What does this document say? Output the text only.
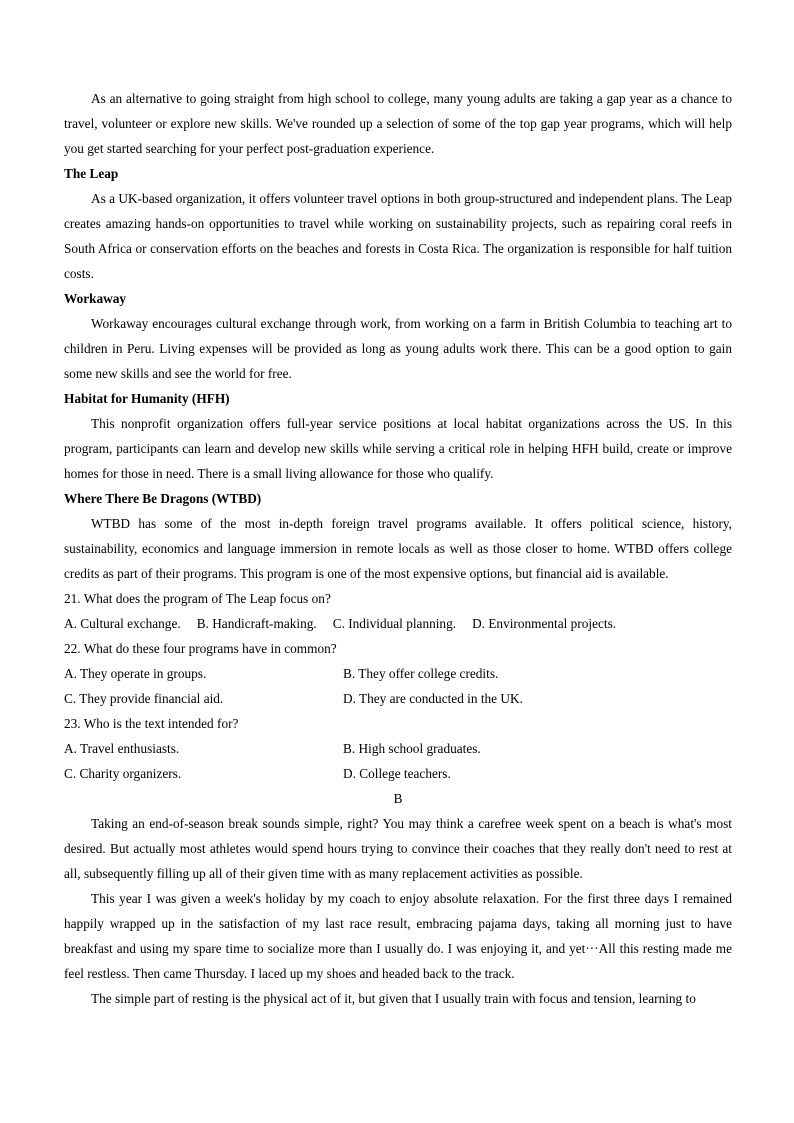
As an alternative to going straight from high school to college, many young adults are taking a gap year as a chance to travel, volunteer or explore new skills. We've rounded up a selection of some of the top gap year programs, which will help you get started searching for your perfect post-graduation experience.

The Leap

As a UK-based organization, it offers volunteer travel options in both group-structured and independent plans. The Leap creates amazing hands-on opportunities to travel while working on sustainability projects, such as repairing coral reefs in South Africa or conservation efforts on the beaches and forests in Costa Rica. The organization is responsible for half tuition costs.

Workaway

Workaway encourages cultural exchange through work, from working on a farm in British Columbia to teaching art to children in Peru. Living expenses will be provided as long as young adults work there. This can be a good option to gain some new skills and see the world for free.

Habitat for Humanity (HFH)

This nonprofit organization offers full-year service positions at local habitat organizations across the US. In this program, participants can learn and develop new skills while serving a critical role in helping HFH build, create or improve homes for those in need. There is a small living allowance for those who qualify.

Where There Be Dragons (WTBD)

WTBD has some of the most in-depth foreign travel programs available. It offers political science, history, sustainability, economics and language immersion in remote locals as well as those closer to home. WTBD offers college credits as part of their programs. This program is one of the most expensive options, but financial aid is available.

21. What does the program of The Leap focus on?

A. Cultural exchange. B. Handicraft-making. C. Individual planning. D. Environmental projects.

22. What do these four programs have in common?

A. They operate in groups.	B. They offer college credits.
C. They provide financial aid.	D. They are conducted in the UK.

23. Who is the text intended for?

A. Travel enthusiasts.	B. High school graduates.
C. Charity organizers.	D. College teachers.

B

Taking an end-of-season break sounds simple, right? You may think a carefree week spent on a beach is what's most desired. But actually most athletes would spend hours trying to convince their coaches that they really don't need to rest at all, subsequently filling up all of their given time with as many replacement activities as possible.

This year I was given a week's holiday by my coach to enjoy absolute relaxation. For the first three days I remained happily wrapped up in the satisfaction of my last race result, embracing pajama days, taking all morning just to have breakfast and using my spare time to socialize more than I usually do. I was enjoying it, and yet···All this resting made me feel restless. Then came Thursday. I laced up my shoes and headed back to the track.

The simple part of resting is the physical act of it, but given that I usually train with focus and tension, learning to
